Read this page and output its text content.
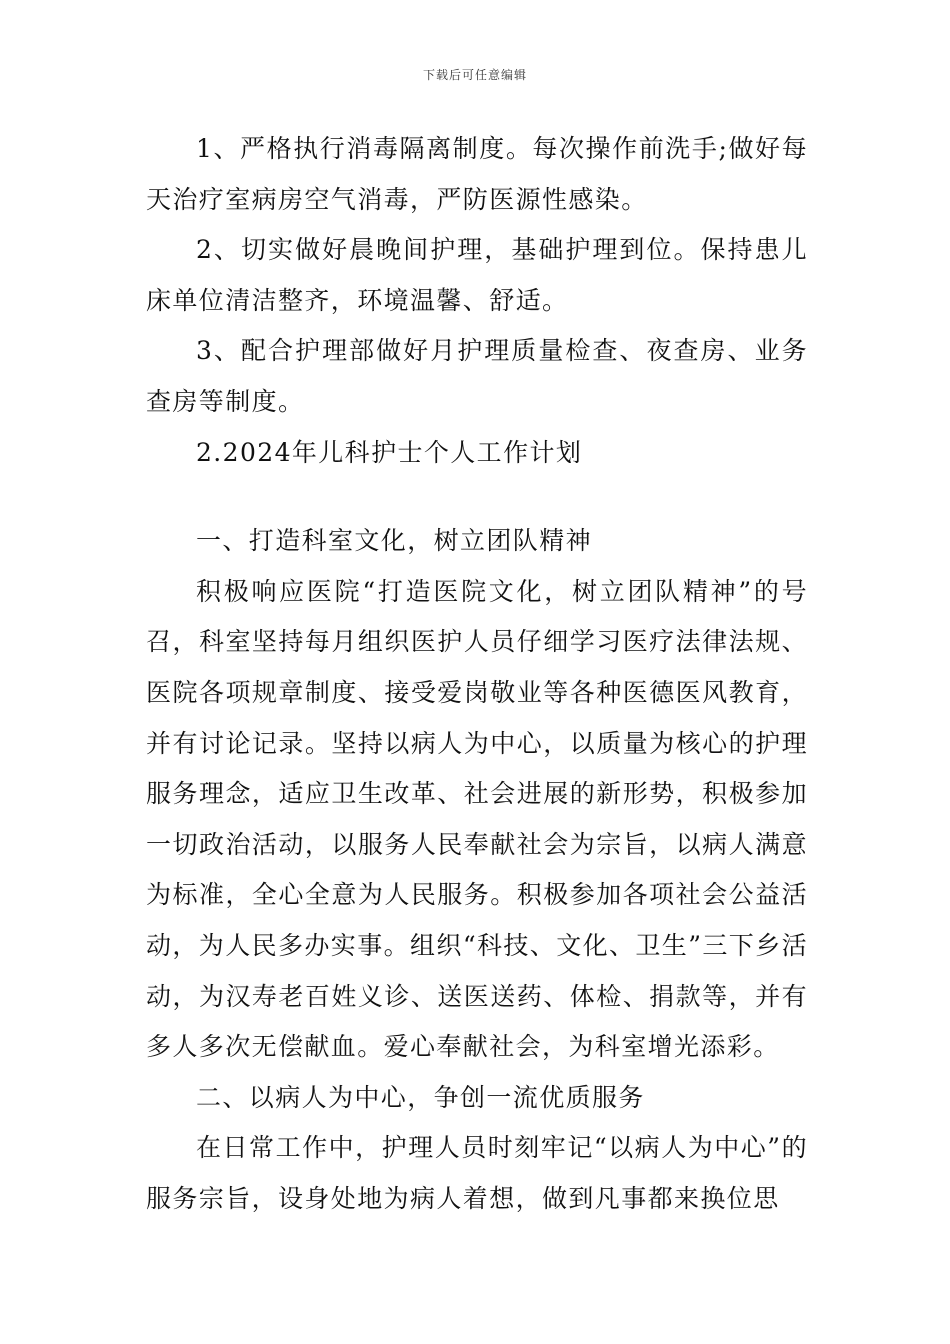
下载后可任意编辑

1、严格执行消毒隔离制度。每次操作前洗手;做好每天治疗室病房空气消毒，严防医源性感染。

2、切实做好晨晚间护理，基础护理到位。保持患儿床单位清洁整齐，环境温馨、舒适。

3、配合护理部做好月护理质量检查、夜查房、业务查房等制度。

2.2024年儿科护士个人工作计划

一、打造科室文化，树立团队精神

积极响应医院“打造医院文化，树立团队精神”的号召，科室坚持每月组织医护人员仔细学习医疗法律法规、医院各项规章制度、接受爱岗敬业等各种医德医风教育，并有讨论记录。坚持以病人为中心，以质量为核心的护理服务理念，适应卫生改革、社会进展的新形势，积极参加一切政治活动，以服务人民奉献社会为宗旨，以病人满意为标准，全心全意为人民服务。积极参加各项社会公益活动，为人民多办实事。组织“科技、文化、卫生”三下乡活动，为汉寿老百姓义诊、送医送药、体检、捐款等，并有多人多次无偿献血。爱心奉献社会，为科室增光添彩。

二、以病人为中心，争创一流优质服务

在日常工作中，护理人员时刻牢记“以病人为中心”的服务宗旨，设身处地为病人着想，做到凡事都来换位思
